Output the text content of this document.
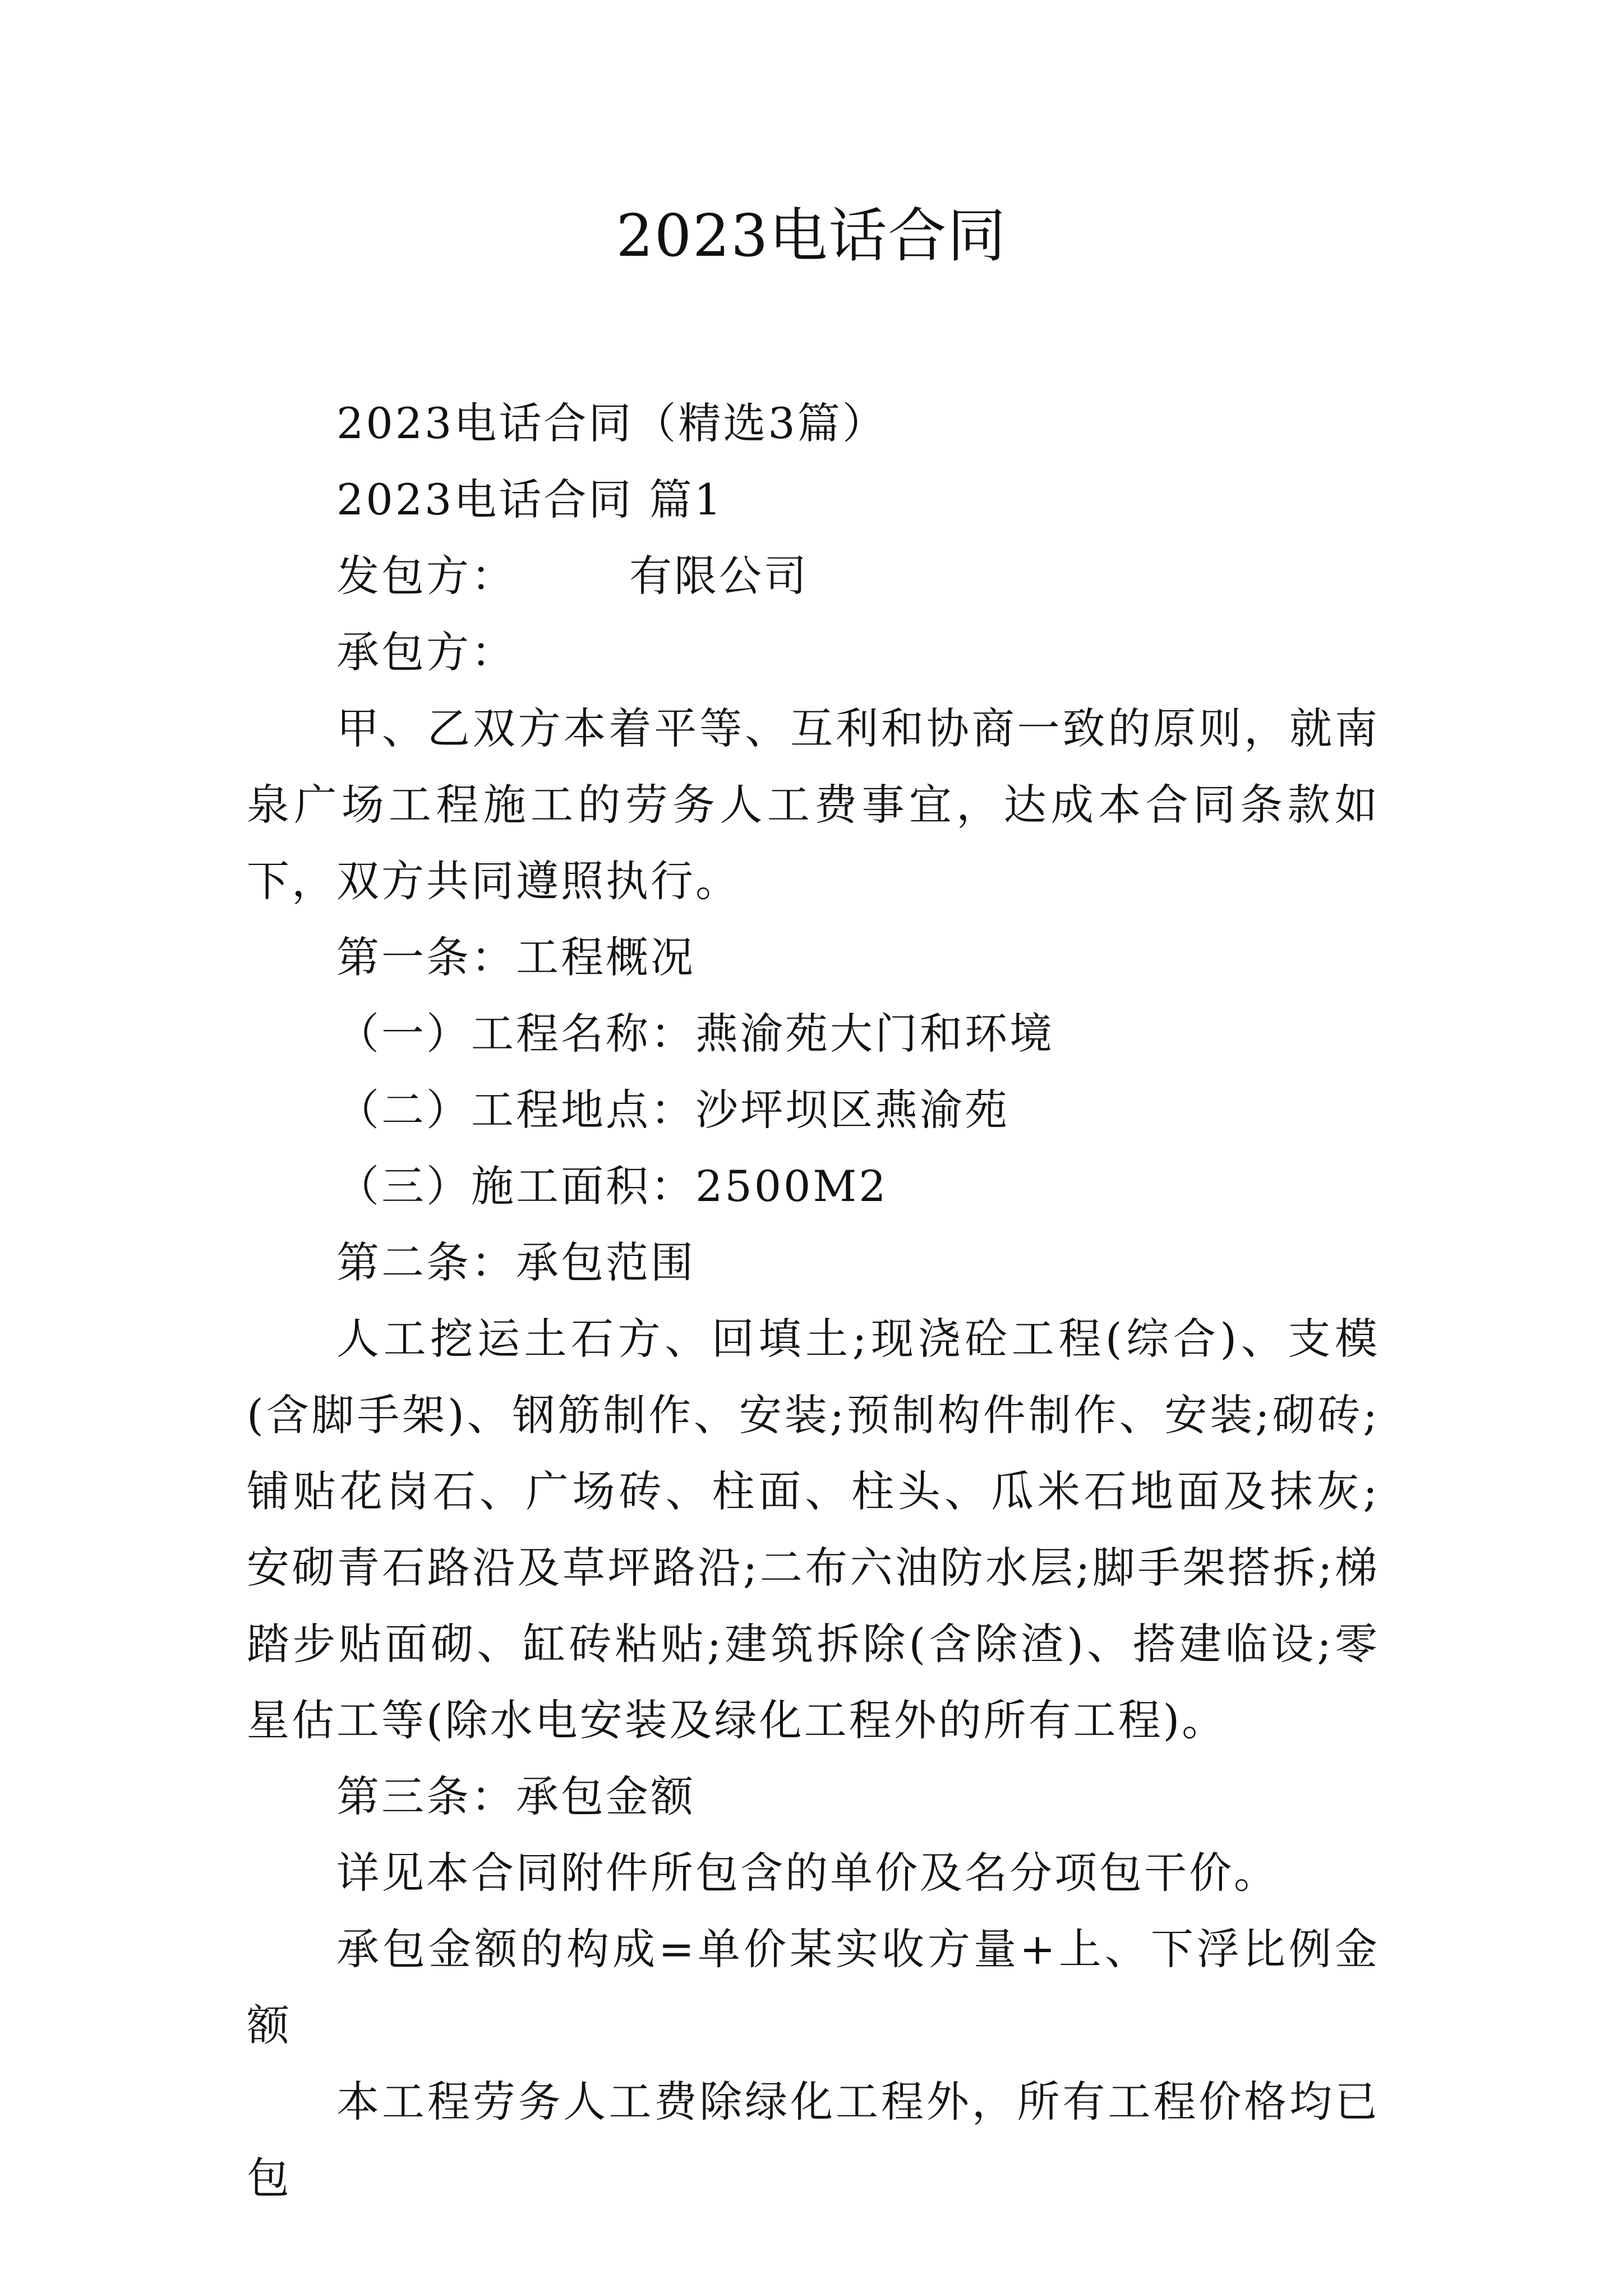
2023电话合同

2023电话合同（精选3篇）

2023电话合同 篇1

发包方：　　　有限公司

承包方：

甲、乙双方本着平等、互利和协商一致的原则，就南泉广场工程施工的劳务人工费事宜，达成本合同条款如下，双方共同遵照执行。

第一条：工程概况

（一）工程名称：燕渝苑大门和环境

（二）工程地点：沙坪坝区燕渝苑

（三）施工面积：2500M2

第二条：承包范围

人工挖运土石方、回填土;现浇砼工程(综合)、支模(含脚手架)、钢筋制作、安装;预制构件制作、安装;砌砖;铺贴花岗石、广场砖、柱面、柱头、瓜米石地面及抹灰;安砌青石路沿及草坪路沿;二布六油防水层;脚手架搭拆;梯踏步贴面砌、缸砖粘贴;建筑拆除(含除渣)、搭建临设;零星估工等(除水电安装及绿化工程外的所有工程)。

第三条：承包金额

详见本合同附件所包含的单价及名分项包干价。

承包金额的构成=单价某实收方量+上、下浮比例金额

本工程劳务人工费除绿化工程外，所有工程价格均已包
